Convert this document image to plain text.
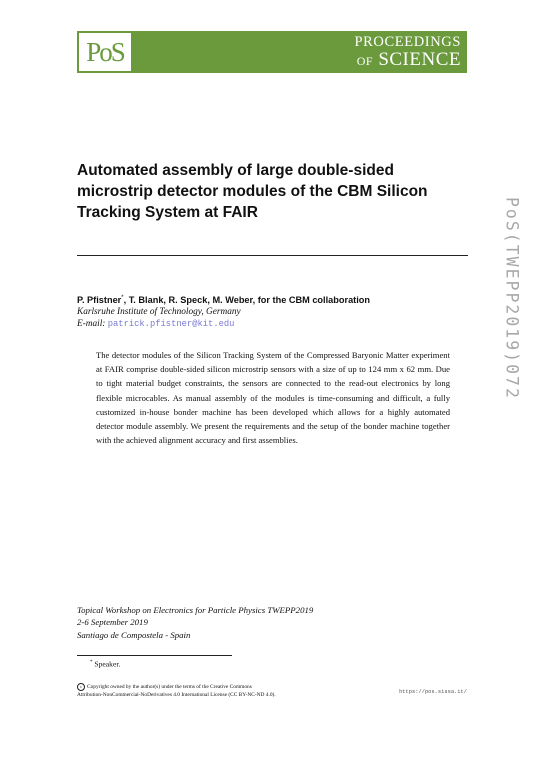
PoS	PROCEEDINGS
OF SCIENCE
Automated assembly of large double-sided microstrip detector modules of the CBM Silicon Tracking System at FAIR
P. Pfistner*, T. Blank, R. Speck, M. Weber, for the CBM collaboration
Karlsruhe Institute of Technology, Germany
E-mail: patrick.pfistner@kit.edu

The detector modules of the Silicon Tracking System of the Compressed Baryonic Matter experiment at FAIR comprise double-sided silicon microstrip sensors with a size of up to 124 mm x 62 mm. Due to tight material budget constraints, the sensors are connected to the read-out electronics by long flexible microcables. As manual assembly of the modules is time-consuming and difficult, a fully customized in-house bonder machine has been developed which allows for a highly automated detector module assembly. We present the requirements and the setup of the bonder machine together with the achieved alignment accuracy and first assemblies.

Topical Workshop on Electronics for Particle Physics TWEPP2019
2-6 September 2019
Santiago de Compostela - Spain
* Speaker.
c Copyright owned by the author(s) under the terms of the Creative Commons
Attribution-NonCommercial-NoDerivatives 4.0 International License (CC BY-NC-ND 4.0).
https://pos.sissa.it/
PoS(TWEPP2019)072
